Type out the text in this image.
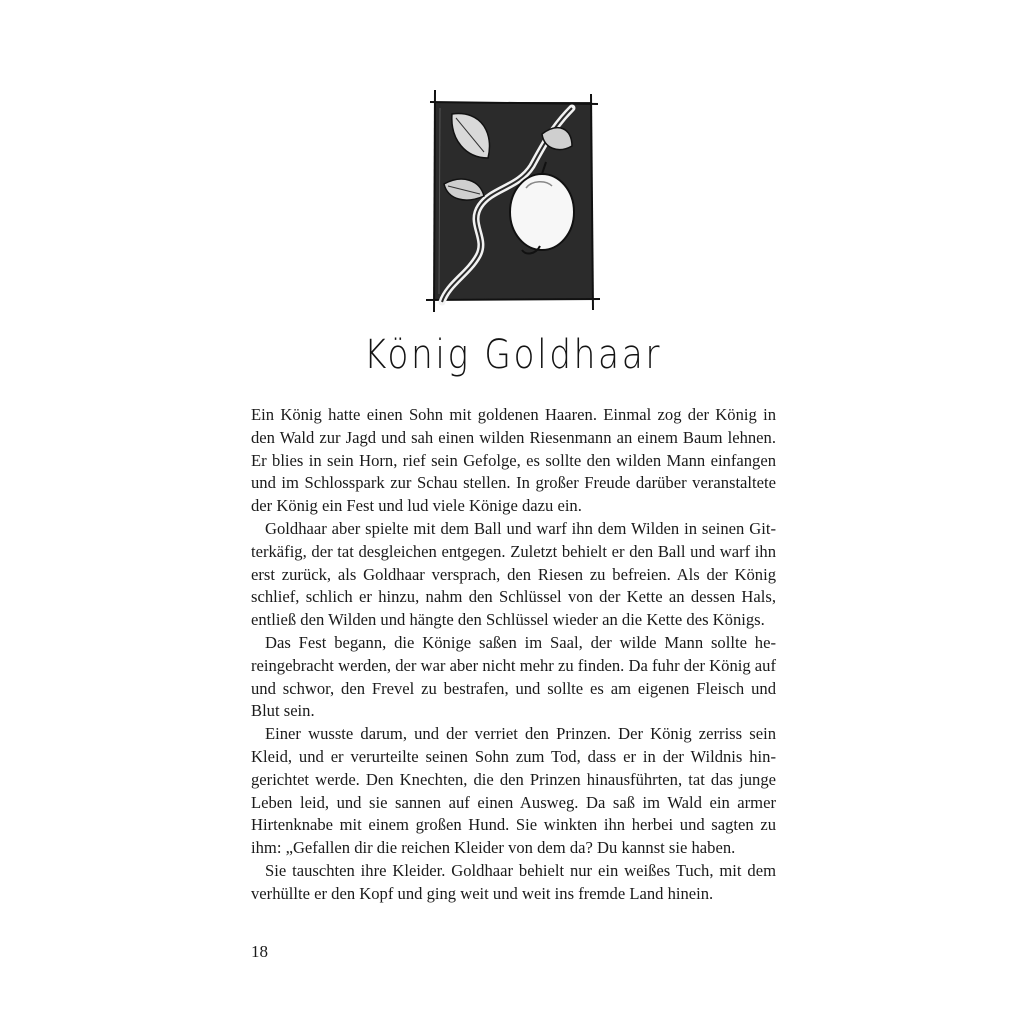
König Goldhaar

Ein König hatte einen Sohn mit goldenen Haaren. Einmal zog der König in den Wald zur Jagd und sah einen wilden Riesenmann an einem Baum lehnen. Er blies in sein Horn, rief sein Gefolge, es sollte den wilden Mann einfangen und im Schlosspark zur Schau stellen. In großer Freude darüber veranstaltete der König ein Fest und lud viele Könige dazu ein.

Goldhaar aber spielte mit dem Ball und warf ihn dem Wilden in seinen Gitterkäfig, der tat desgleichen entgegen. Zuletzt behielt er den Ball und warf ihn erst zurück, als Goldhaar versprach, den Riesen zu befreien. Als der König schlief, schlich er hinzu, nahm den Schlüssel von der Kette an dessen Hals, entließ den Wilden und hängte den Schlüssel wieder an die Kette des Königs.

Das Fest begann, die Könige saßen im Saal, der wilde Mann sollte hereingebracht werden, der war aber nicht mehr zu finden. Da fuhr der König auf und schwor, den Frevel zu bestrafen, und sollte es am eigenen Fleisch und Blut sein.

Einer wusste darum, und der verriet den Prinzen. Der König zerriss sein Kleid, und er verurteilte seinen Sohn zum Tod, dass er in der Wildnis hingerichtet werde. Den Knechten, die den Prinzen hinausführten, tat das junge Leben leid, und sie sannen auf einen Ausweg. Da saß im Wald ein armer Hirtenknabe mit einem großen Hund. Sie winkten ihn herbei und sagten zu ihm: „Gefallen dir die reichen Kleider von dem da? Du kannst sie haben.

Sie tauschten ihre Kleider. Goldhaar behielt nur ein weißes Tuch, mit dem verhüllte er den Kopf und ging weit und weit ins fremde Land hinein.

18
